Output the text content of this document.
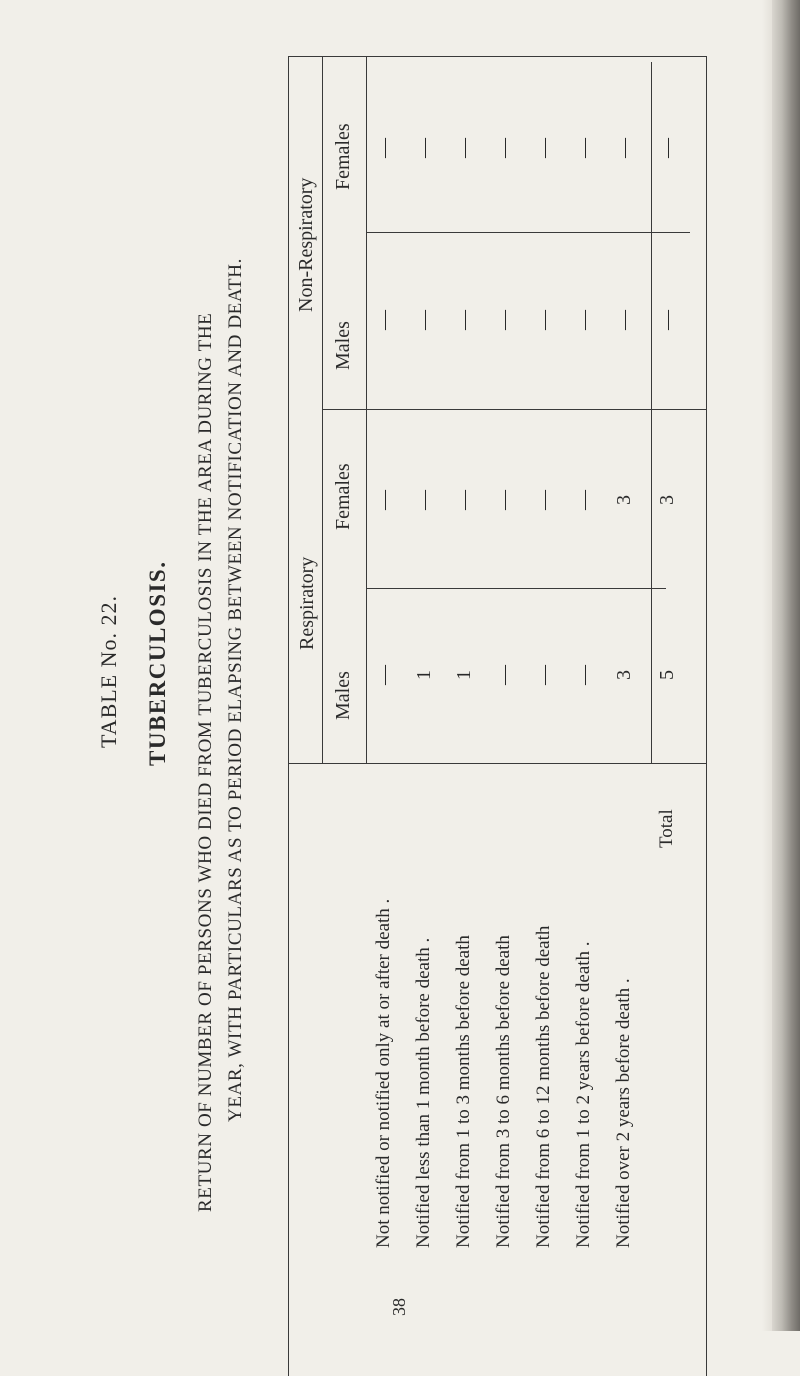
TABLE No. 22. TUBERCULOSIS. RETURN OF NUMBER OF PERSONS WHO DIED FROM TUBERCULOSIS IN THE AREA DURING THE YEAR, WITH PARTICULARS AS TO PERIOD ELAPSING BETWEEN NOTIFICATION AND DEATH.	Respiratory
Non-Respiratory
Males
Females
Males
Females
Not notified or notified only at or after death . Notified less than 1 month before death . Notified from 1 to 3 months before death Notified from 3 to 6 months before death Notified from 6 to 12 months before death Notified from 1 to 2 years before death . Notified over 2 years before death .
Total
—
—
—
—
1
—
—
—
1
—
—
—
—
—
—
—
—
—
—
—
—
—
—
—
3
3
—
—
5
3
—
—
38
